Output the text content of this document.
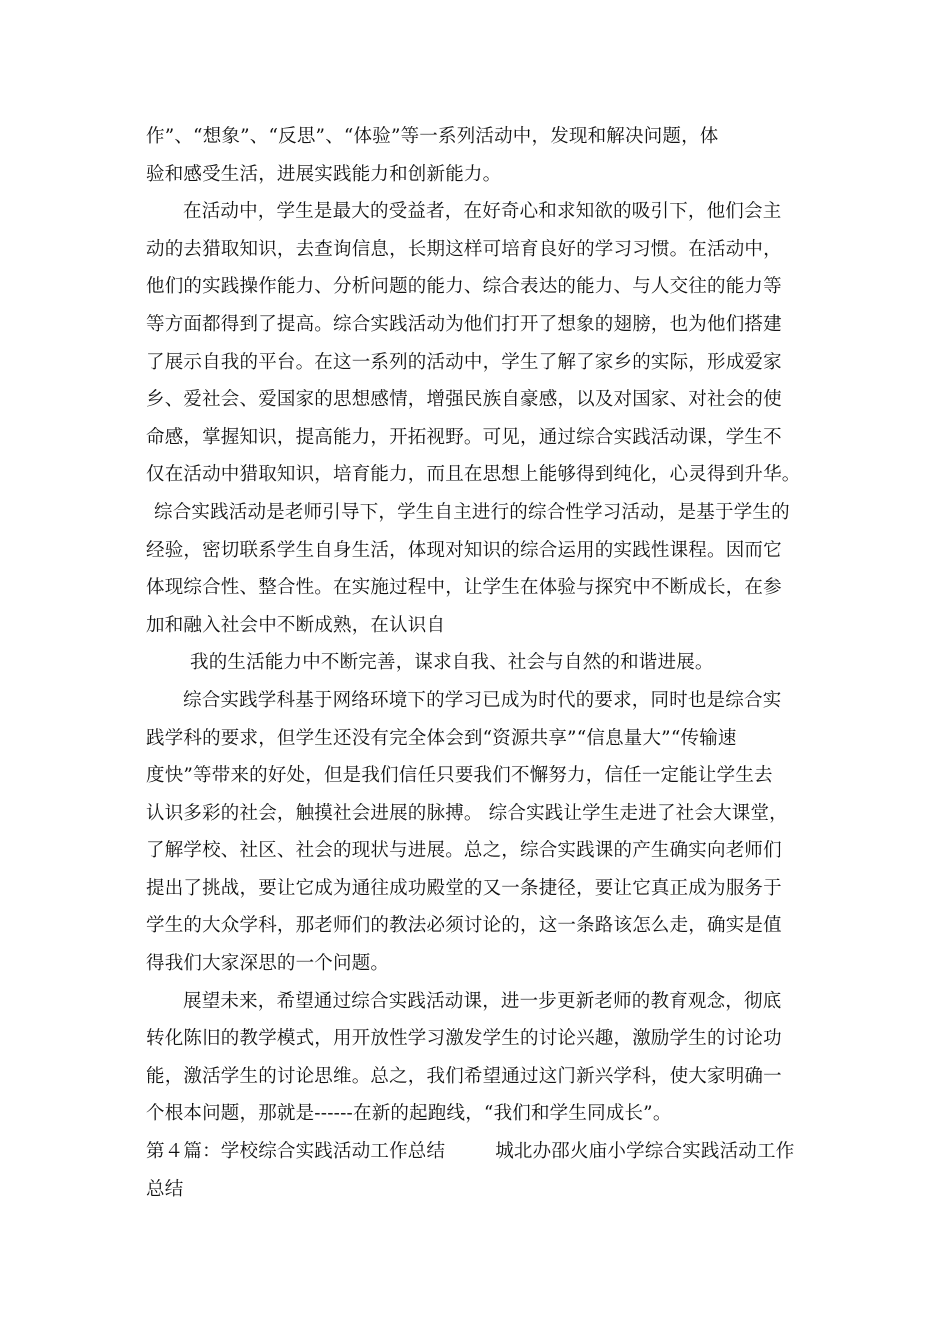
作”、“想象”、“反思”、“体验”等一系列活动中，发现和解决问题，体
验和感受生活，进展实践能力和创新能力。
在活动中，学生是最大的受益者，在好奇心和求知欲的吸引下，他们会主
动的去猎取知识，去查询信息，长期这样可培育良好的学习习惯。在活动中，
他们的实践操作能力、分析问题的能力、综合表达的能力、与人交往的能力等
等方面都得到了提高。综合实践活动为他们打开了想象的翅膀，也为他们搭建
了展示自我的平台。在这一系列的活动中，学生了解了家乡的实际，形成爱家
乡、爱社会、爱国家的思想感情，增强民族自豪感，以及对国家、对社会的使
命感，掌握知识，提高能力，开拓视野。可见，通过综合实践活动课，学生不
仅在活动中猎取知识，培育能力，而且在思想上能够得到纯化，心灵得到升华。
综合实践活动是老师引导下，学生自主进行的综合性学习活动，是基于学生的
经验，密切联系学生自身生活，体现对知识的综合运用的实践性课程。因而它
体现综合性、整合性。在实施过程中，让学生在体验与探究中不断成长，在参
加和融入社会中不断成熟，在认识自
我的生活能力中不断完善，谋求自我、社会与自然的和谐进展。
综合实践学科基于网络环境下的学习已成为时代的要求，同时也是综合实
践学科的要求，但学生还没有完全体会到“资源共享”“信息量大”“传输速
度快”等带来的好处，但是我们信任只要我们不懈努力，信任一定能让学生去
认识多彩的社会，触摸社会进展的脉搏。 综合实践让学生走进了社会大课堂，
了解学校、社区、社会的现状与进展。总之，综合实践课的产生确实向老师们
提出了挑战，要让它成为通往成功殿堂的又一条捷径，要让它真正成为服务于
学生的大众学科，那老师们的教法必须讨论的，这一条路该怎么走，确实是值
得我们大家深思的一个问题。
展望未来，希望通过综合实践活动课，进一步更新老师的教育观念，彻底
转化陈旧的教学模式，用开放性学习激发学生的讨论兴趣，激励学生的讨论功
能，激活学生的讨论思维。总之，我们希望通过这门新兴学科，使大家明确一
个根本问题，那就是------在新的起跑线，“我们和学生同成长”。
第４篇：学校综合实践活动工作总结	城北办邵火庙小学综合实践活动工作
总结
